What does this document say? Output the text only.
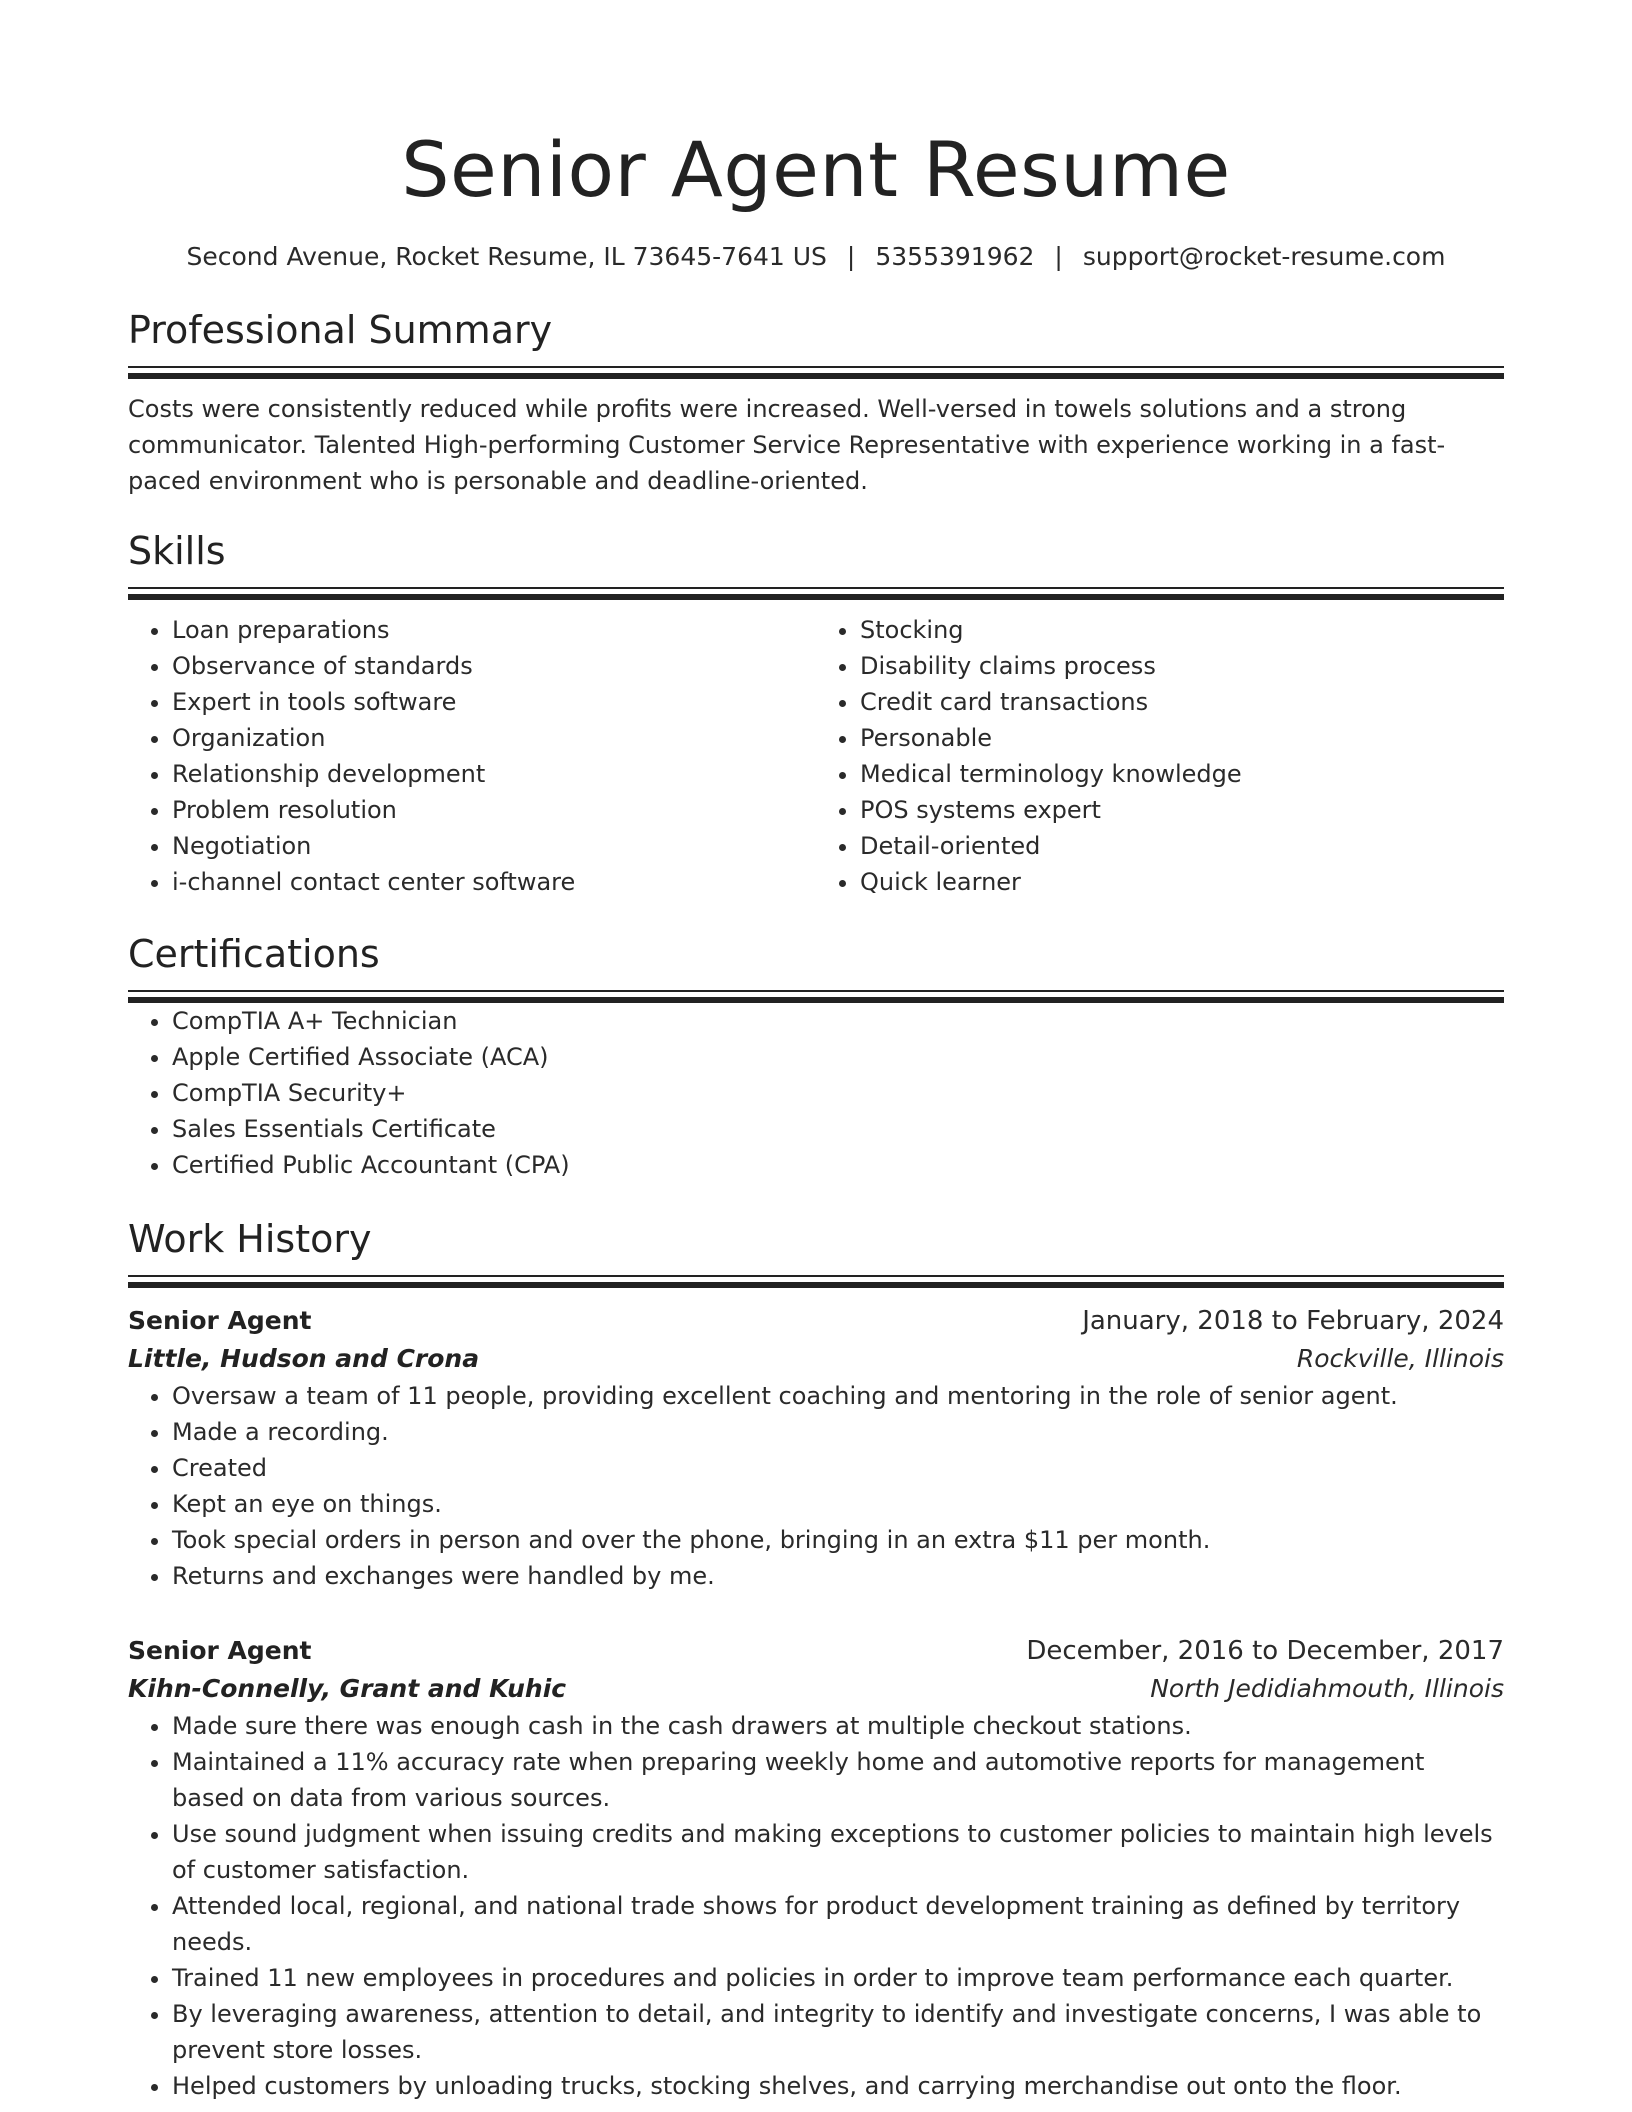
Senior Agent Resume
Second Avenue, Rocket Resume, IL 73645-7641 US | 5355391962 | support@rocket-resume.com
Professional Summary

Costs were consistently reduced while profits were increased. Well-versed in towels solutions and a strong communicator. Talented High-performing Customer Service Representative with experience working in a fast-paced environment who is personable and deadline-oriented.

Skills
• Loan preparations
• Observance of standards
• Expert in tools software
• Organization
• Relationship development
• Problem resolution
• Negotiation
• i-channel contact center software
• Stocking
• Disability claims process
• Credit card transactions
• Personable
• Medical terminology knowledge
• POS systems expert
• Detail-oriented
• Quick learner
Certifications
• CompTIA A+ Technician
• Apple Certified Associate (ACA)
• CompTIA Security+
• Sales Essentials Certificate
• Certified Public Accountant (CPA)
Work History
Senior Agent	January, 2018 to February, 2024
Little, Hudson and Crona	Rockville, Illinois
• Oversaw a team of 11 people, providing excellent coaching and mentoring in the role of senior agent.
• Made a recording.
• Created
• Kept an eye on things.
• Took special orders in person and over the phone, bringing in an extra $11 per month.
• Returns and exchanges were handled by me.
Senior Agent	December, 2016 to December, 2017
Kihn-Connelly, Grant and Kuhic	North Jedidiahmouth, Illinois
• Made sure there was enough cash in the cash drawers at multiple checkout stations.
• Maintained a 11% accuracy rate when preparing weekly home and automotive reports for management based on data from various sources.
• Use sound judgment when issuing credits and making exceptions to customer policies to maintain high levels of customer satisfaction.
• Attended local, regional, and national trade shows for product development training as defined by territory needs.
• Trained 11 new employees in procedures and policies in order to improve team performance each quarter.
• By leveraging awareness, attention to detail, and integrity to identify and investigate concerns, I was able to prevent store losses.
• Helped customers by unloading trucks, stocking shelves, and carrying merchandise out onto the floor.
